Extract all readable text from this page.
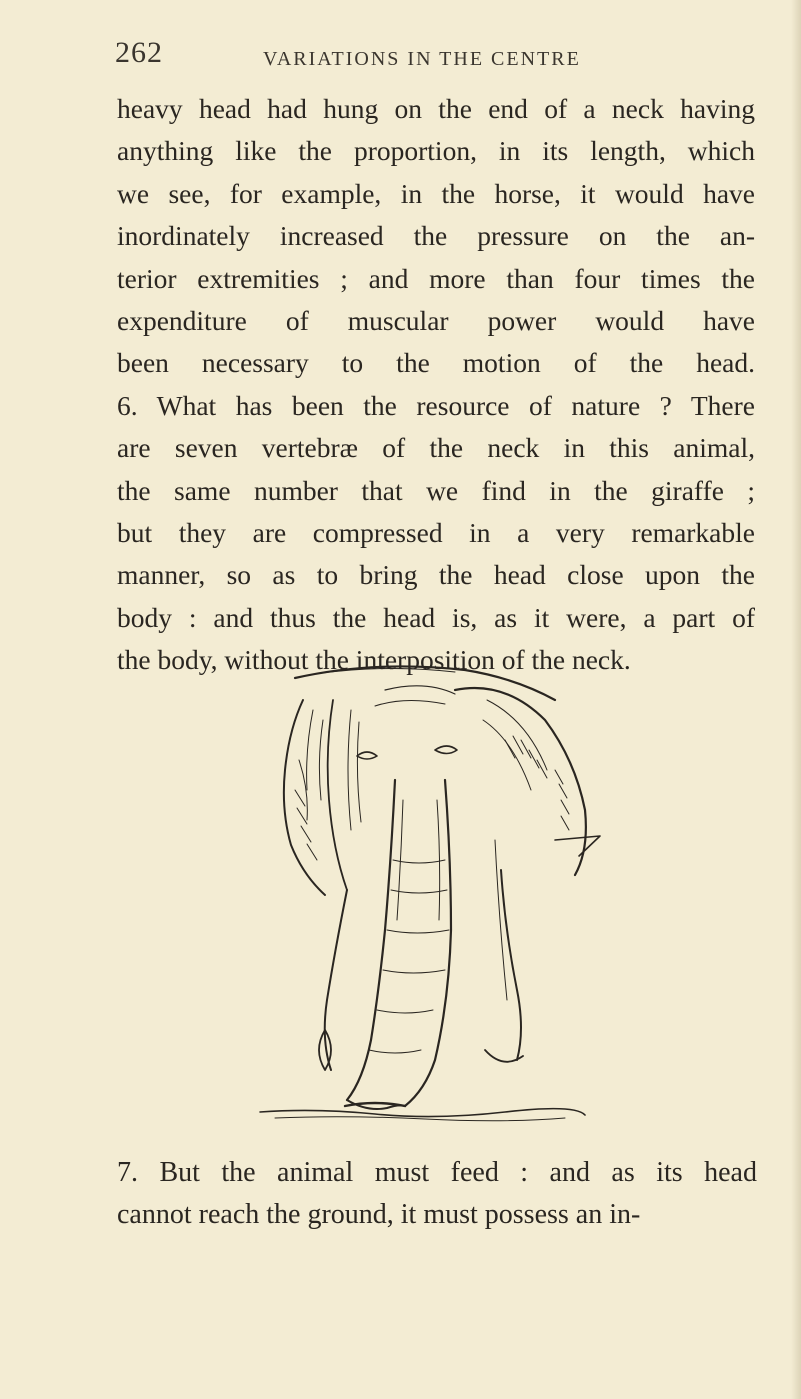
262	VARIATIONS IN THE CENTRE
heavy head had hung on the end of a neck having
anything like the proportion, in its length, which
we see, for example, in the horse, it would have
inordinately increased the pressure on the an-
terior extremities ; and more than four times the
expenditure of muscular power would have
been necessary to the motion of the head.
6. What has been the resource of nature ? There
are seven vertebræ of the neck in this animal,
the same number that we find in the giraffe ;
but they are compressed in a very remarkable
manner, so as to bring the head close upon the
body : and thus the head is, as it were, a part of
the body, without the interposition of the neck.
7. But the animal must feed : and as its head
cannot reach the ground, it must possess an in-
